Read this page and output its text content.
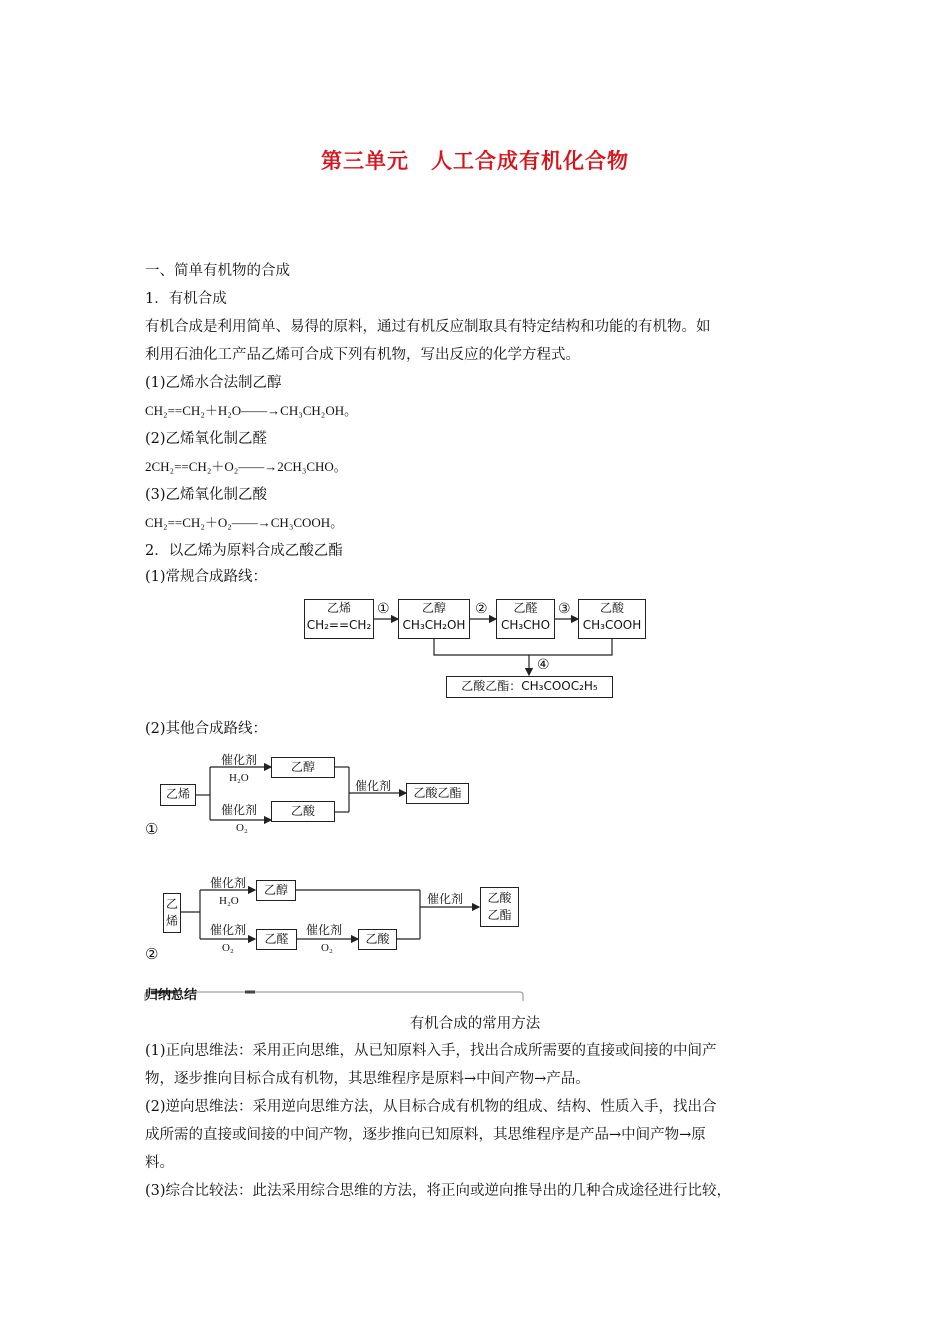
第三单元　人工合成有机化合物
一、简单有机物的合成
1．有机合成
有机合成是利用简单、易得的原料，通过有机反应制取具有特定结构和功能的有机物。如
利用石油化工产品乙烯可合成下列有机物，写出反应的化学方程式。
(1)乙烯水合法制乙醇
CH₂==CH₂＋H₂O――→CH₃CH₂OH。
(2)乙烯氧化制乙醛
2CH₂==CH₂＋O₂――→2CH₃CHO。
(3)乙烯氧化制乙酸
CH₂==CH₂＋O₂――→CH₃COOH。
2．以乙烯为原料合成乙酸乙酯
(1)常规合成路线：
乙烯
CH₂==CH₂
①	乙醇
CH₃CH₂OH
②	乙醛
CH₃CHO
③	乙酸
CH₃COOH
④
乙酸乙酯：CH₃COOC₂H₅
(2)其他合成路线：
乙烯
催化剂
H₂O
乙醇
催化剂
O₂
乙酸
催化剂	乙酸乙酯
①
乙烯
催化剂
H₂O
乙醇
催化剂
O₂
乙醛
催化剂
O₂
乙酸
催化剂	乙酸乙酯
②
归纳总结
有机合成的常用方法
(1)正向思维法：采用正向思维，从已知原料入手，找出合成所需要的直接或间接的中间产
物，逐步推向目标合成有机物，其思维程序是原料→中间产物→产品。
(2)逆向思维法：采用逆向思维方法，从目标合成有机物的组成、结构、性质入手，找出合
成所需的直接或间接的中间产物，逐步推向已知原料，其思维程序是产品→中间产物→原
料。
(3)综合比较法：此法采用综合思维的方法，将正向或逆向推导出的几种合成途径进行比较，
